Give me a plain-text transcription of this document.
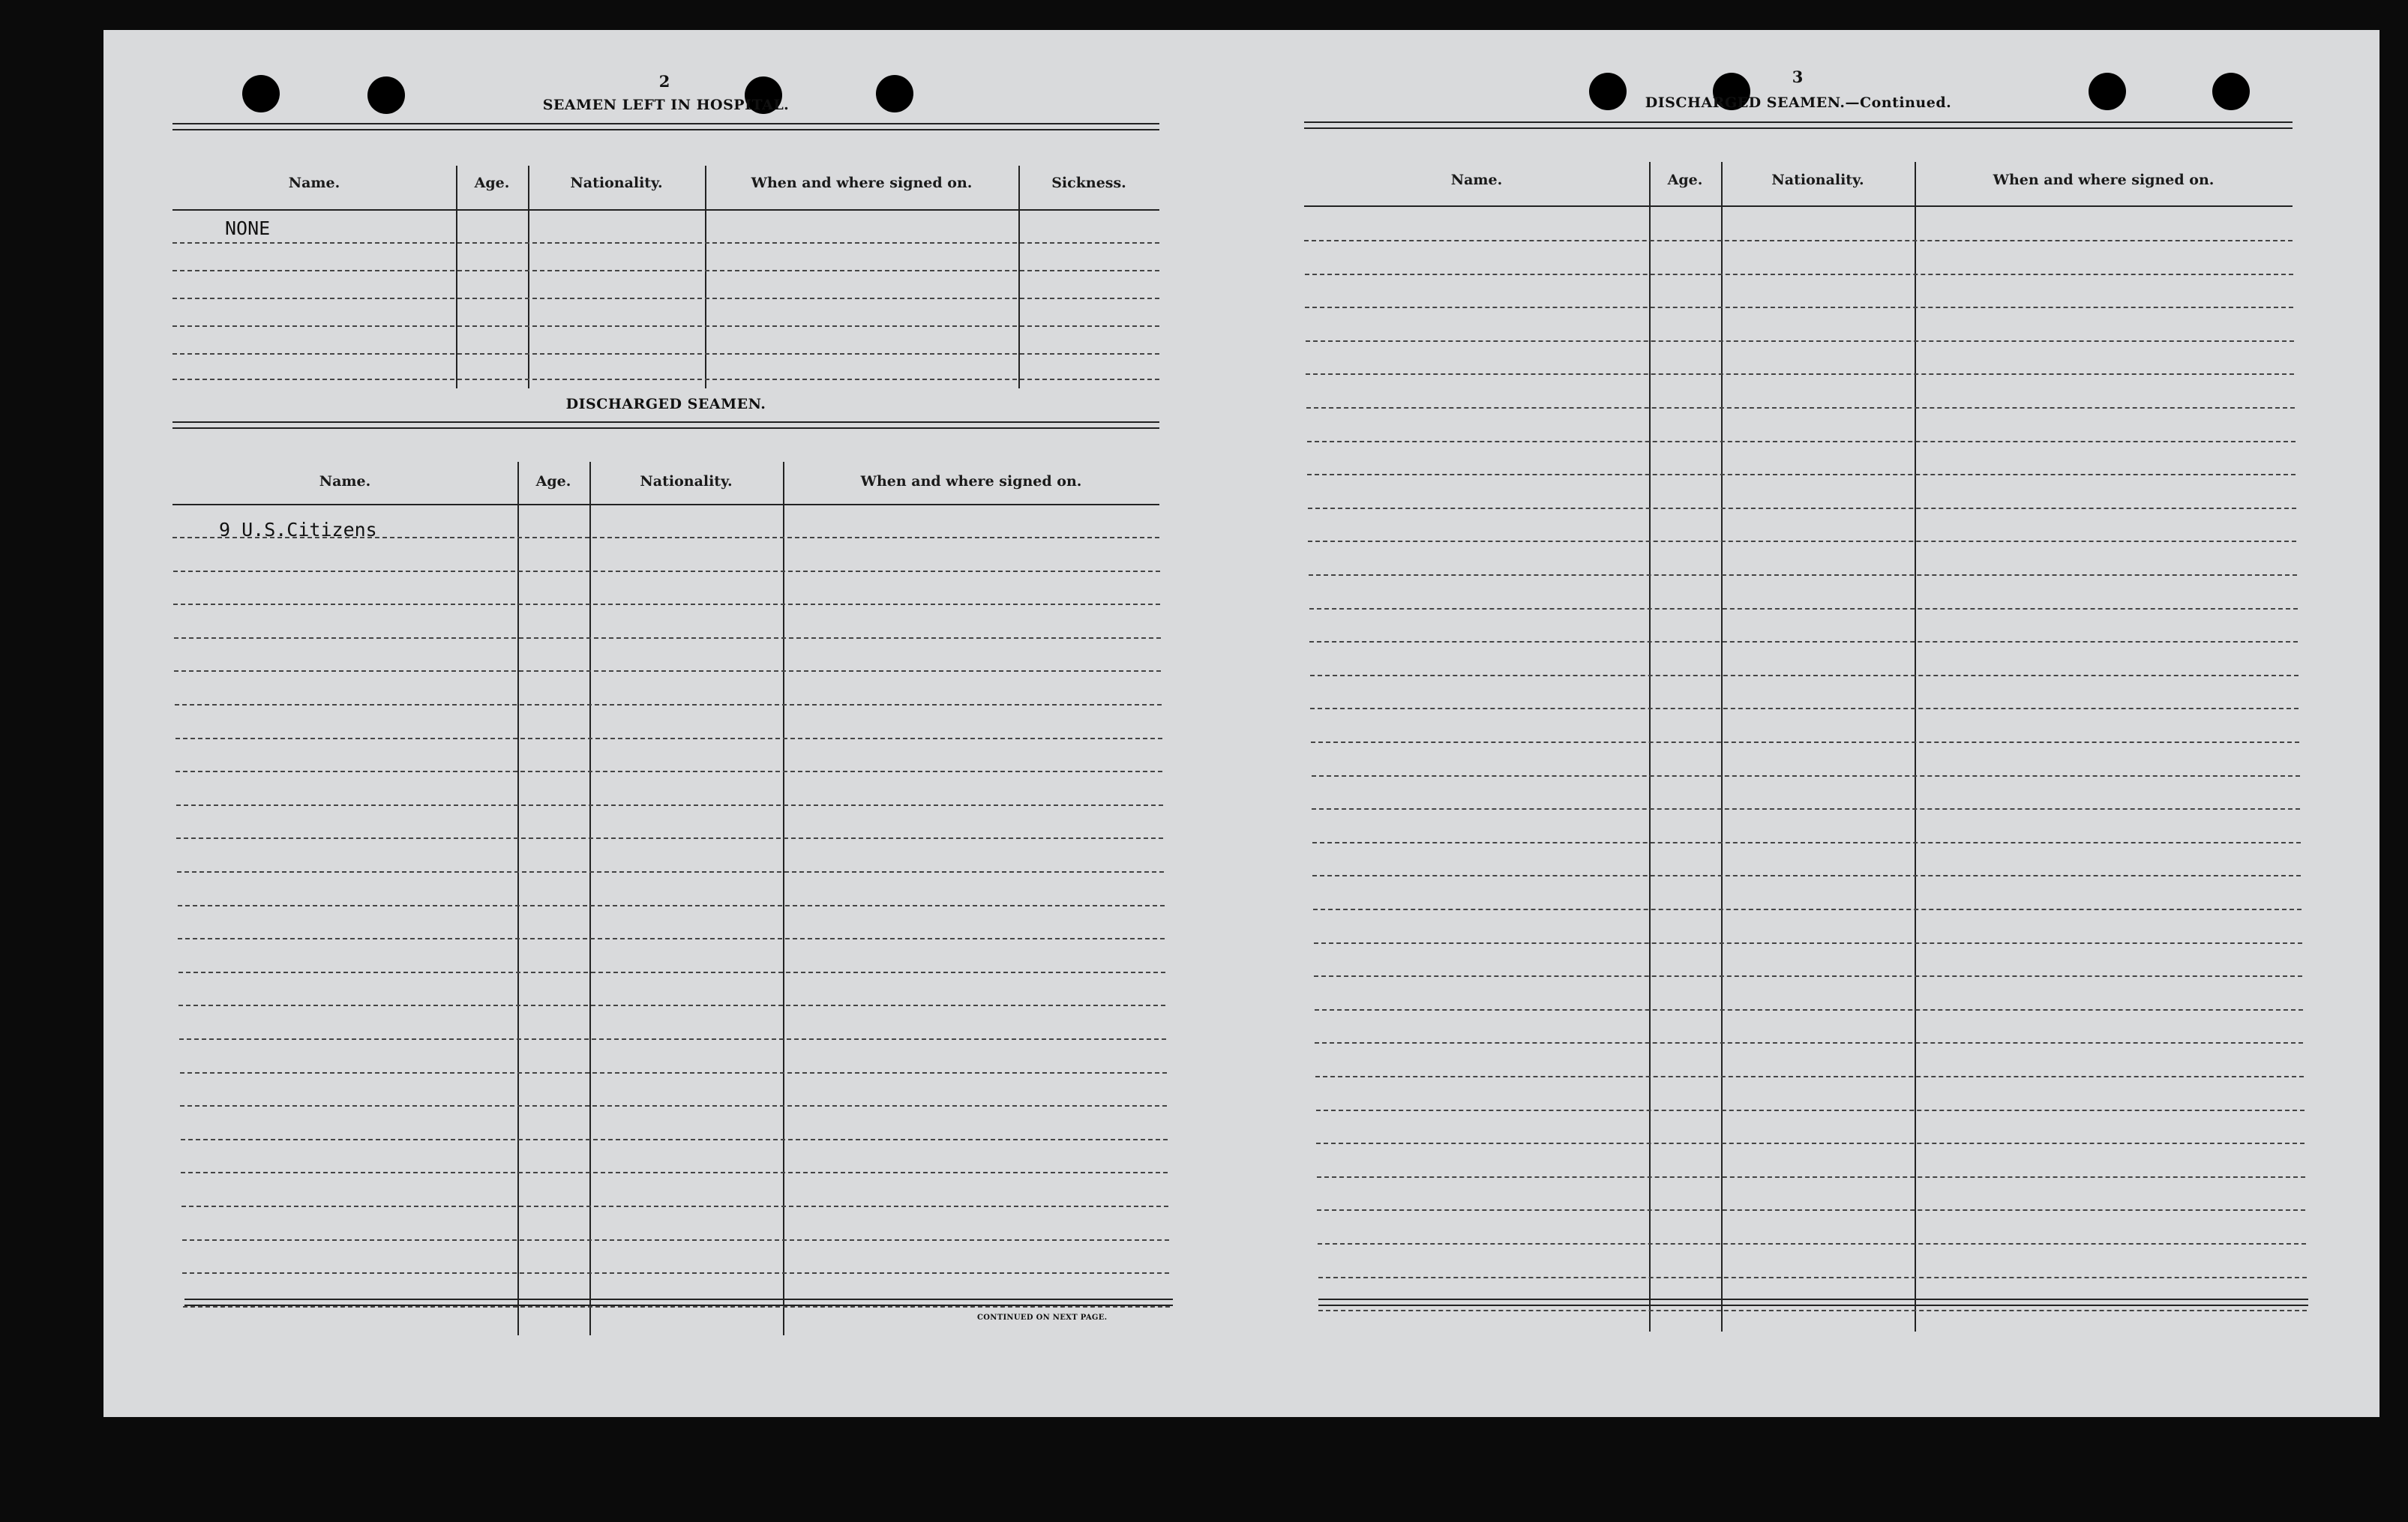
2
SEAMEN LEFT IN HOSPITAL.
Name.	Age.	Nationality.	When and where signed on.	Sickness.
NONE
DISCHARGED SEAMEN.
Name.	Age.	Nationality.	When and where signed on.
9 U.S.Citizens
CONTINUED ON NEXT PAGE.
3
DISCHARGED SEAMEN.—Continued.
Name.	Age.	Nationality.	When and where signed on.
